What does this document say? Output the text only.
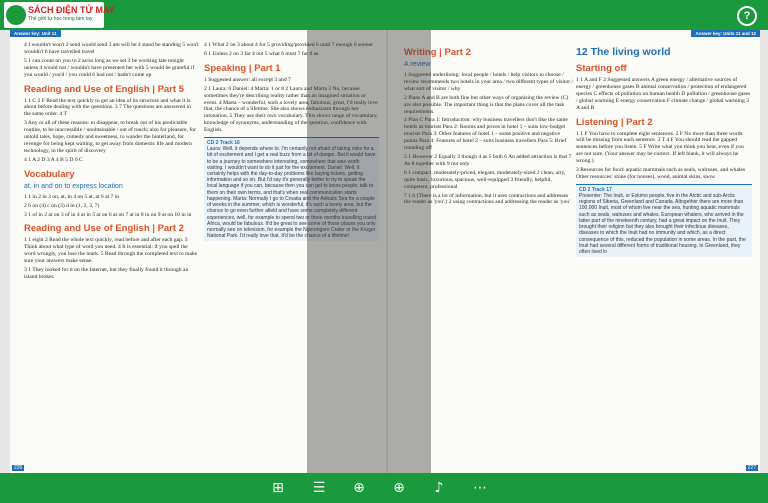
SÁCH ĐIỆN TỬ MAY
Thế giới tự học trong tầm tay	?
Answer key: Unit 11

4 I wouldn't won't 2 send would send 3 am will be 4 stand be standing 5 won't wouldn't 6 have travelled travel

5 1 can count on you to 2 as/so long as we set 3 be working late tonight unless 4 would not / wouldn't have presented her with 5 would be grateful if you would / you'd / you could 6 had not / hadn't come up

Reading and Use of English | Part 5

1 1 C 2 F Read the text quickly to get an idea of its structure and what it is about before dealing with the questions. 3 7 The questions are answered in the same order. 4 T

3 Any or all of these reasons: to disappear, to break out of his predictable routine, to be inaccessible / unobtainable / out of touch; also for pleasure, for untold tales, hope, comedy and sweetness, to wander the hinterland, for revenge for being kept waiting, to get away from domestic life and modern technology, in the spirit of discovery

4 1 A 2 D 3 A 4 B 5 D 6 C

Vocabulary
at, in and on to express location

1 1 in 2 in 3 on, at, in 4 on 5 at, at 6 at 7 in

2 b on (4) c on (3) d in (1, 2, 3, 7)

3 1 of in 2 at on 3 of in 4 at in 5 at on 6 at on 7 at in 8 in on 9 at on 10 in in

Reading and Use of English | Part 2

1 1 eight 2 Read the whole text quickly, read before and after each gap. 3 Think about what type of word you need. 4 It is essential: if you spell the word wrongly, you lose the mark. 5 Read through the completed text to make sure your answers make sense.

3 1 They looked for it on the Internet, but they finally found it through an island broker.

4 1 What 2 on 3 about 4 for 5 providing/provided 6 until 7 enough 8 sooner

6 1 Unless 2 on 3 far 4 out 5 what 6 most 7 far 8 as

Speaking | Part 1

1 Suggested answer: all except 3 and 7

2 1 Laura: 6 Daniel: 4 Marta: 1 or 8 2 Laura and Marta 3 No, because sometimes they're describing reality rather than an imagined situation or event. 4 Marta – wonderful, such a lovely area, fabulous, great, I'd really love that, the chance of a lifetime. She also shows enthusiasm through her intonation. 5 They use their own vocabulary. This shows range of vocabulary, knowledge of synonyms, understanding of the question, confidence with English.

CD 2 Track 16
Laura: Well, it depends where to. I'm certainly not afraid of taking risks for a bit of excitement and I get a real buzz from a bit of danger. But it would have to be a journey to somewhere interesting, somewhere that was worth visiting. I wouldn't want to do it just for the excitement. Daniel: Well, it certainly helps with the day-to-day problems like buying tickets, getting information and so on. But I'd say it's generally better to try to speak the local language if you can, because then you can get to know people, talk to them on their own terms, and that's when real communication starts happening. Marta: Normally I go to Croatia and the Adriatic Sea for a couple of weeks in the summer, which is wonderful, it's such a lovely area, but the chance to go even further afield and have some completely different experiences, well, for example to spend two or three months travelling round Africa, would be fabulous. It'd be great to see some of those places you only normally see on television, for example the Ngorongoro Crater or the Kruger National Park. I'd really love that. It'd be the chance of a lifetime!
226
Answer key: Units 11 and 12
Writing | Part 2
A review

1 Suggested underlining: local people / hotels / help visitors to choose / review recommends two hotels in your area / two different types of visitor / what sort of visitor / why

2 Plans A and B are both fine but other ways of organising the review (C) are also possible. The important thing is that the plans cover all the task requirements.

4 Plan C Para 1: Introduction: why business travellers don't like the same hotels as tourists Para 2: Rooms and prices in hotel 1 – suits low-budget tourists Para 3: Other features of hotel 1 – some positive and negative points Para 4: Features of hotel 2 – suits business travellers Para 5: Brief rounding off

5 1 However 2 Equally 3 though 4 as 5 both 6 An added attraction is that 7 As 8 together with 9 not only

6 1 compact, moderately-priced, elegant, moderately-sized 2 clean, airy, quite basic, luxurious, spacious, well-equipped 3 friendly, helpful, competent, professional

7 1 b (There is a lot of information, but it uses contractions and addresses the reader as 'you'.) 2 using contractions and addressing the reader as 'you'

12 The living world
Starting off

1 1 A and F 2 Suggested answers A green energy / alternative sources of energy / greenhouse gases B animal conservation / protection of endangered species C effects of pollution on human health D pollution / greenhouse gases / global warming E energy conservation F climate change / global warming 3 A and B

Listening | Part 2

1 1 F You have to complete eight sentences. 2 F No more than three words will be missing from each sentence. 3 T 4 F You should read the gapped sentences before you listen. 5 F Write what you think you hear, even if you are not sure. (Your answer may be correct. If left blank, it will always be wrong.)

3 Resources for food: aquatic mammals such as seals, walruses, and whales Other resources: stone (for houses), wood, animal skins, snow

CD 2 Track 17
Presenter: The Inuit, or Eskimo people, live in the Arctic and sub-Arctic regions of Siberia, Greenland and Canada. Altogether there are more than 100,000 Inuit, most of whom live near the sea, hunting aquatic mammals such as seals, walruses and whales. European whalers, who arrived in the latter part of the nineteenth century, had a great impact on the Inuit. They brought their religion but they also brought their infectious diseases, diseases to which the Inuit had no immunity and which, as a direct consequence of this, reduced the population in some areas. In the past, the Inuit had several different forms of traditional housing. In Greenland, they often lived in
227
⊞ ☰ ⊕ ⊕ ♪ ⋯
